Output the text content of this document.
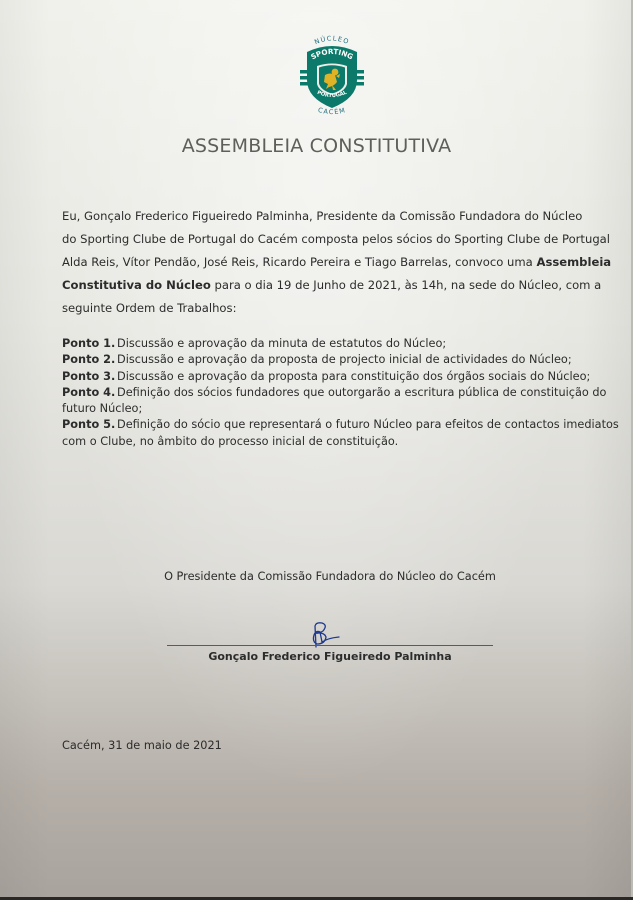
NÚCLEO
SPORTING
PORTUGAL
CACÉM
ASSEMBLEIA CONSTITUTIVA
Eu, Gonçalo Frederico Figueiredo Palminha, Presidente da Comissão Fundadora do Núcleo
do Sporting Clube de Portugal do Cacém composta pelos sócios do Sporting Clube de Portugal
Alda Reis, Vítor Pendão, José Reis, Ricardo Pereira e Tiago Barrelas, convoco uma Assembleia
Constitutiva do Núcleo para o dia 19 de Junho de 2021, às 14h, na sede do Núcleo, com a
seguinte Ordem de Trabalhos:
Ponto 1. Discussão e aprovação da minuta de estatutos do Núcleo;
Ponto 2. Discussão e aprovação da proposta de projecto inicial de actividades do Núcleo;
Ponto 3. Discussão e aprovação da proposta para constituição dos órgãos sociais do Núcleo;
Ponto 4. Definição dos sócios fundadores que outorgarão a escritura pública de constituição do
futuro Núcleo;
Ponto 5. Definição do sócio que representará o futuro Núcleo para efeitos de contactos imediatos
com o Clube, no âmbito do processo inicial de constituição.
O Presidente da Comissão Fundadora do Núcleo do Cacém
Gonçalo Frederico Figueiredo Palminha
Cacém, 31 de maio de 2021
